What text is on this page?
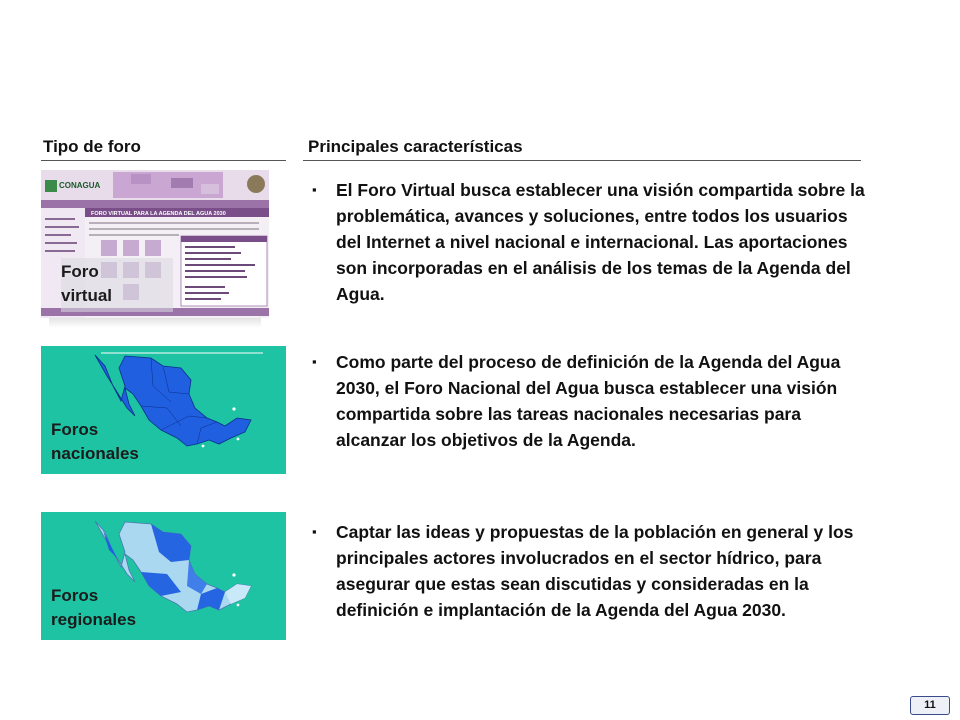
Tipo de foro	Principales características
CONAGUA
FORO VIRTUAL PARA LA AGENDA DEL AGUA 2030
Foro
virtual
Foros
nacionales
Foros
regionales
▪ El Foro Virtual busca establecer una visión compartida sobre la problemática, avances y soluciones, entre todos los usuarios del Internet a nivel nacional e internacional. Las aportaciones son incorporadas en el análisis de los temas de la Agenda del Agua.
▪ Como parte del proceso de definición de la Agenda del Agua 2030, el Foro Nacional del Agua busca establecer una visión compartida sobre las tareas nacionales necesarias para alcanzar los objetivos de la Agenda.
▪ Captar las ideas y propuestas de la población en general y los principales actores involucrados en el sector hídrico, para asegurar que estas sean discutidas y consideradas en la definición e implantación de la Agenda del Agua 2030.
11
